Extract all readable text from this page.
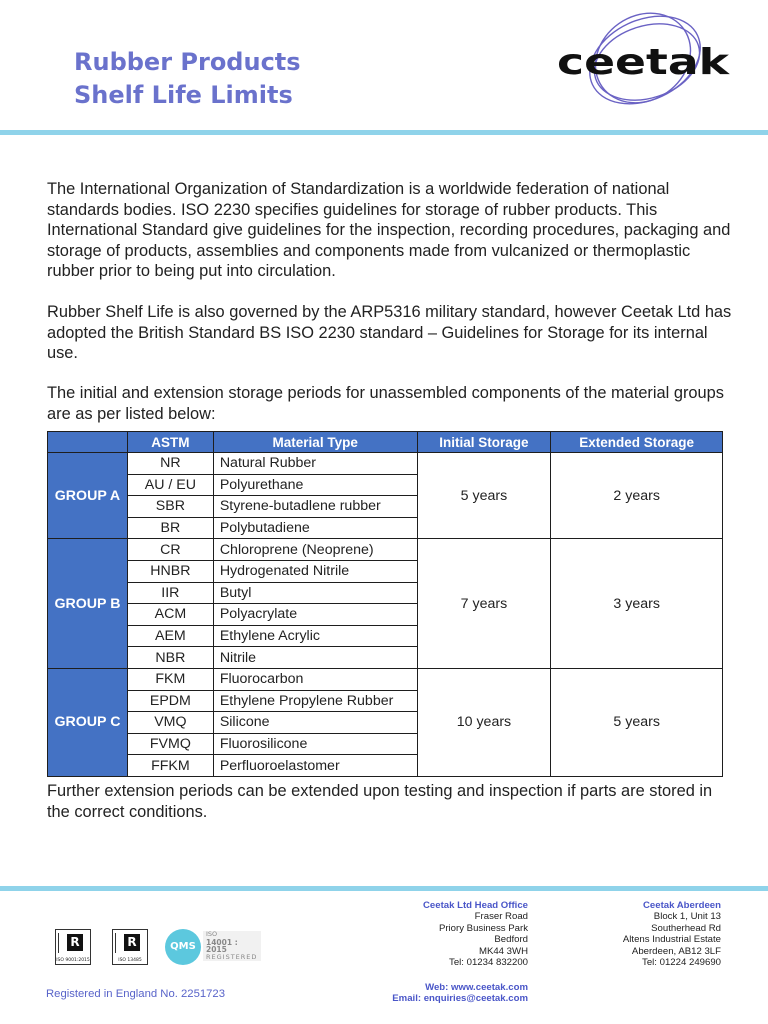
Rubber Products
Shelf Life Limits
ceetak

The International Organization of Standardization is a worldwide federation of national standards bodies. ISO 2230 specifies guidelines for storage of rubber products. This International Standard give guidelines for the inspection, recording procedures, packaging and storage of products, assemblies and components made from vulcanized or thermoplastic rubber prior to being put into circulation.

Rubber Shelf Life is also governed by the ARP5316 military standard, however Ceetak Ltd has adopted the British Standard BS ISO 2230 standard – Guidelines for Storage for its internal use.

The initial and extension storage periods for unassembled components of the material groups are as per listed below:

	ASTM	Material Type	Initial Storage	Extended Storage
GROUP A	NR	Natural Rubber	5 years	2 years
	AU / EU	Polyurethane		
	SBR	Styrene-butadlene rubber		
	BR	Polybutadiene		
GROUP B	CR	Chloroprene (Neoprene)	7 years	3 years
	HNBR	Hydrogenated Nitrile		
	IIR	Butyl		
	ACM	Polyacrylate		
	AEM	Ethylene Acrylic		
	NBR	Nitrile		
GROUP C	FKM	Fluorocarbon	10 years	5 years
	EPDM	Ethylene Propylene Rubber		
	VMQ	Silicone		
	FVMQ	Fluorosilicone		
	FFKM	Perfluoroelastomer		

Further extension periods can be extended upon testing and inspection if parts are stored in the correct conditions.

R
ISO 9001:2015
R
ISO 13485
QMS
ISO
14001 : 2015
REGISTERED
Ceetak Ltd Head Office
Fraser Road
Priory Business Park
Bedford
MK44 3WH
Tel: 01234 832200
Ceetak Aberdeen
Block 1, Unit 13
Southerhead Rd
Altens Industrial Estate
Aberdeen, AB12 3LF
Tel: 01224 249690
Web: www.ceetak.com
Email: enquiries@ceetak.com
Registered in England No. 2251723
